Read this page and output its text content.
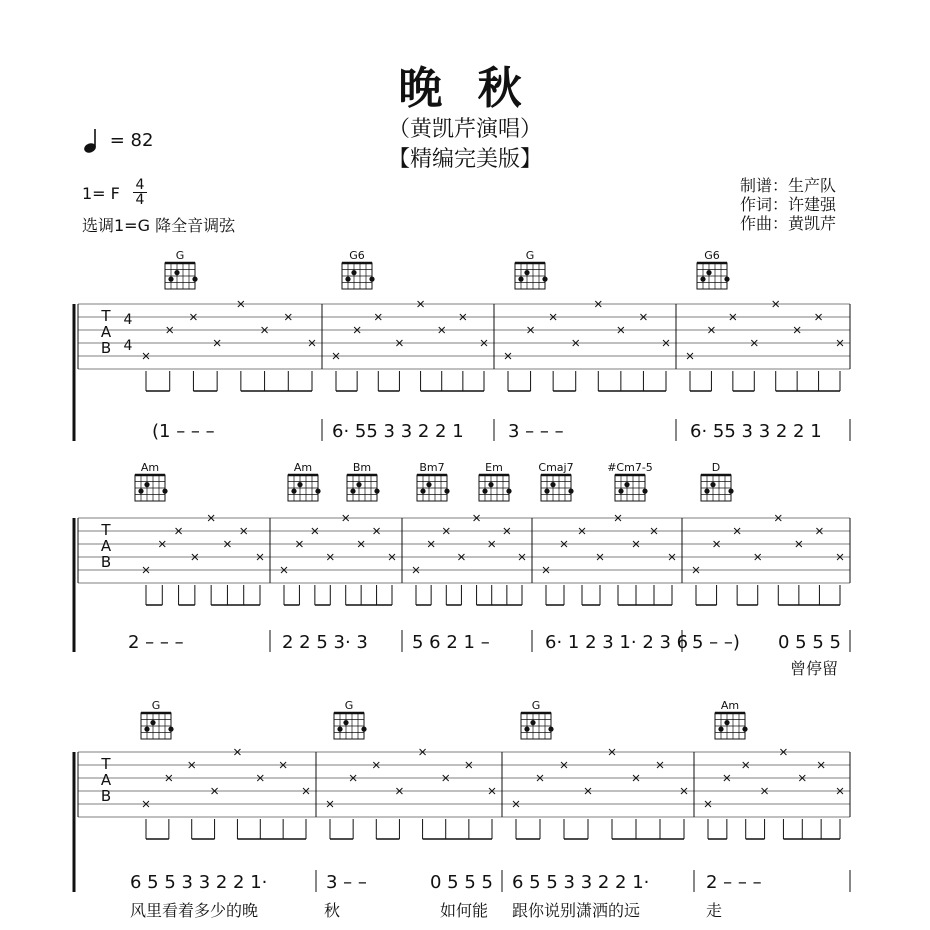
晚 秋
（黄凯芹演唱）
【精编完美版】
= 82
1= F $\frac{4}{4}$
选调1=G 降全音调弦
制谱：生产队
作词：许建强
作曲：黄凯芹
T
A
B
4
4
G	G6	G	G6
(1 – – –	6· 55 3 3 2 2 1 3 – – –	6· 55 3 3 2 2 1
T
A
B
Am	Am	Bm	Bm7	Em	Cmaj7	#Cm7-5	D
2 – – –	2 2 5 3· 3 5 6 2 1 –	6· 1 2 3 1· 2 3 6 5 – –) 0 5 5 5
曾停留
T
A
B
G	G	G	Am
6 5 5 3 3 2 2 1·	3 – –	0 5 5 5 6 5 5 3 3 2 2 1·	2 – – –
风里看着多少的晚	秋	如何能 跟你说别潇洒的远	走
